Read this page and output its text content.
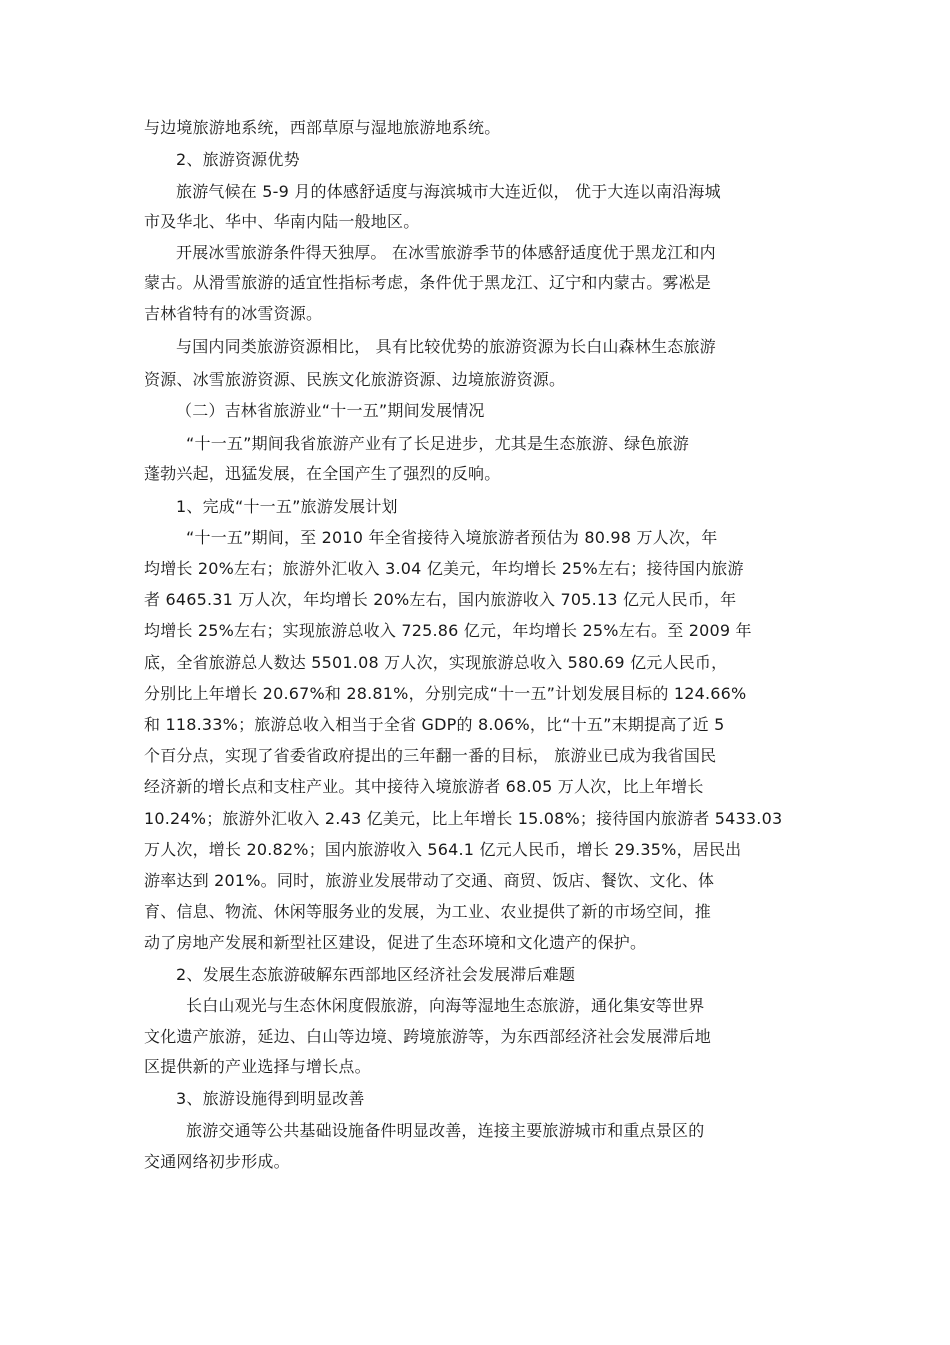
与边境旅游地系统，西部草原与湿地旅游地系统。
2、旅游资源优势
旅游气候在 5-9 月的体感舒适度与海滨城市大连近似， 优于大连以南沿海城
市及华北、华中、华南内陆一般地区。
开展冰雪旅游条件得天独厚。 在冰雪旅游季节的体感舒适度优于黑龙江和内
蒙古。从滑雪旅游的适宜性指标考虑，条件优于黑龙江、辽宁和内蒙古。雾凇是
吉林省特有的冰雪资源。
与国内同类旅游资源相比， 具有比较优势的旅游资源为长白山森林生态旅游
资源、冰雪旅游资源、民族文化旅游资源、边境旅游资源。
（二）吉林省旅游业“十一五”期间发展情况
“十一五”期间我省旅游产业有了长足进步，尤其是生态旅游、绿色旅游
蓬勃兴起，迅猛发展，在全国产生了强烈的反响。
1、完成“十一五”旅游发展计划
“十一五”期间，至 2010 年全省接待入境旅游者预估为 80.98 万人次，年
均增长 20%左右；旅游外汇收入 3.04 亿美元，年均增长 25%左右；接待国内旅游
者 6465.31 万人次，年均增长 20%左右，国内旅游收入 705.13 亿元人民币，年
均增长 25%左右；实现旅游总收入 725.86 亿元，年均增长 25%左右。至 2009 年
底，全省旅游总人数达 5501.08 万人次，实现旅游总收入 580.69 亿元人民币，
分别比上年增长 20.67%和 28.81%，分别完成“十一五”计划发展目标的 124.66%
和 118.33%；旅游总收入相当于全省 GDP的 8.06%，比“十五”末期提高了近 5
个百分点，实现了省委省政府提出的三年翻一番的目标， 旅游业已成为我省国民
经济新的增长点和支柱产业。其中接待入境旅游者 68.05 万人次，比上年增长
10.24%；旅游外汇收入 2.43 亿美元，比上年增长 15.08%；接待国内旅游者 5433.03
万人次，增长 20.82%；国内旅游收入 564.1 亿元人民币，增长 29.35%，居民出
游率达到 201%。同时，旅游业发展带动了交通、商贸、饭店、餐饮、文化、体
育、信息、物流、休闲等服务业的发展，为工业、农业提供了新的市场空间，推
动了房地产发展和新型社区建设，促进了生态环境和文化遗产的保护。
2、发展生态旅游破解东西部地区经济社会发展滞后难题
长白山观光与生态休闲度假旅游，向海等湿地生态旅游，通化集安等世界
文化遗产旅游，延边、白山等边境、跨境旅游等，为东西部经济社会发展滞后地
区提供新的产业选择与增长点。
3、旅游设施得到明显改善
旅游交通等公共基础设施备件明显改善，连接主要旅游城市和重点景区的
交通网络初步形成。
